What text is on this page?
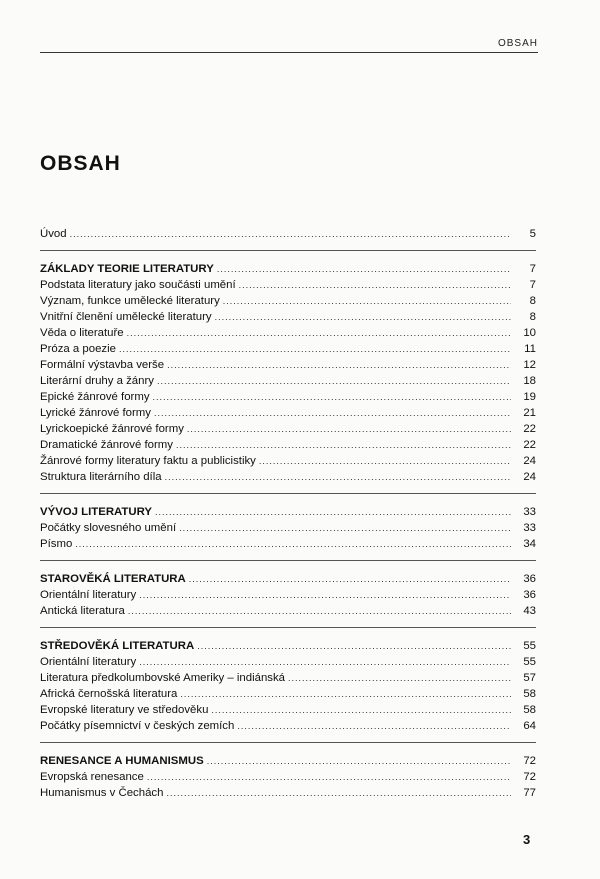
OBSAH
OBSAH
Úvod .....	5
ZÁKLADY TEORIE LITERATURY .....	7
Podstata literatury jako součásti umění .....	7
Význam, funkce umělecké literatury .....	8
Vnitřní členění umělecké literatury .....	8
Věda o literatuře .....	10
Próza a poezie .....	11
Formální výstavba verše .....	12
Literární druhy a žánry .....	18
Epické žánrové formy .....	19
Lyrické žánrové formy .....	21
Lyrickoepické žánrové formy .....	22
Dramatické žánrové formy .....	22
Žánrové formy literatury faktu a publicistiky .....	24
Struktura literárního díla .....	24
VÝVOJ LITERATURY .....	33
Počátky slovesného umění .....	33
Písmo .....	34
STAROVĚKÁ LITERATURA .....	36
Orientální literatury .....	36
Antická literatura .....	43
STŘEDOVĚKÁ LITERATURA .....	55
Orientální literatury .....	55
Literatura předkolumbovské Ameriky – indiánská .....	57
Africká černošská literatura .....	58
Evropské literatury ve středověku .....	58
Počátky písemnictví v českých zemích .....	64
RENESANCE A HUMANISMUS .....	72
Evropská renesance .....	72
Humanismus v Čechách .....	77
3
